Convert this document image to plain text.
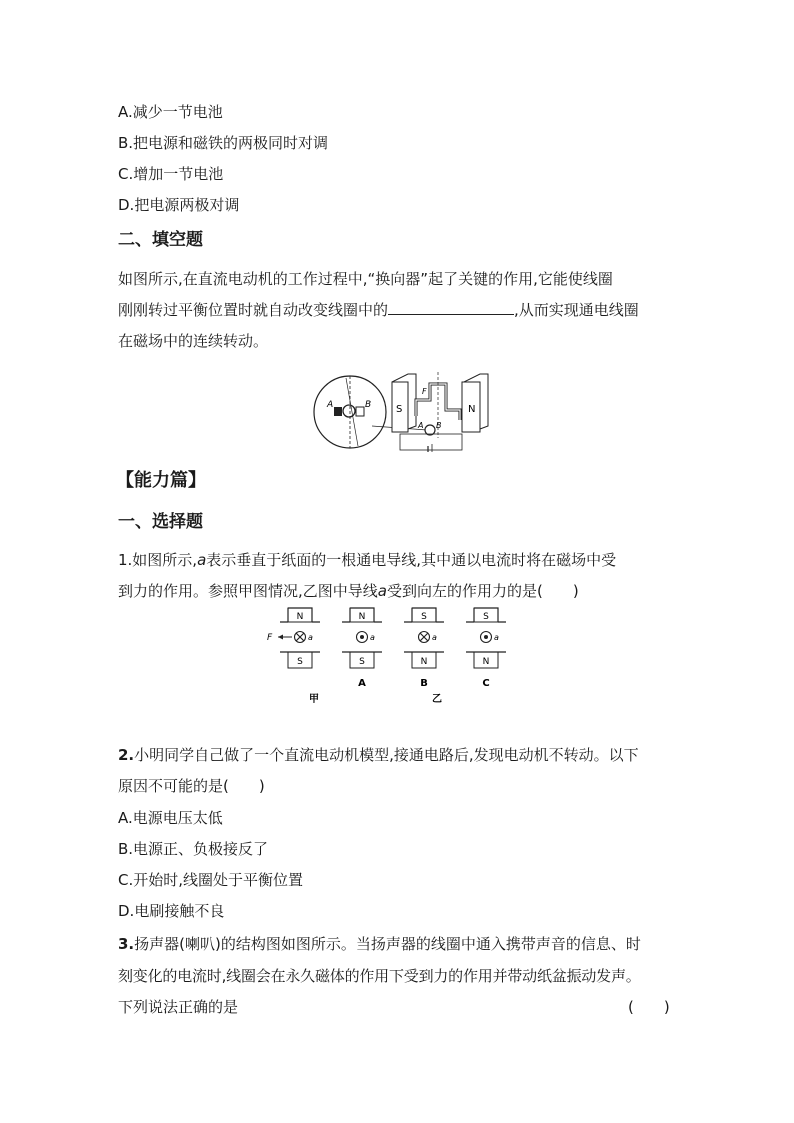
A.减少一节电池
B.把电源和磁铁的两极同时对调
C.增加一节电池
D.把电源两极对调
二、填空题
如图所示,在直流电动机的工作过程中,“换向器”起了关键的作用,它能使线圈
刚刚转过平衡位置时就自动改变线圈中的	,从而实现通电线圈
在磁场中的连续转动。
A	B S	N
F
A B
【能力篇】
一、选择题
1.如图所示,a表示垂直于纸面的一根通电导线,其中通以电流时将在磁场中受
到力的作用。参照甲图情况,乙图中导线a受到向左的作用力的是(　　)
N
S
a
F
N
S
a
A
S
N
a
B
S
N
a
C
甲	乙
2.小明同学自己做了一个直流电动机模型,接通电路后,发现电动机不转动。以下
原因不可能的是(　　)
A.电源电压太低
B.电源正、负极接反了
C.开始时,线圈处于平衡位置
D.电刷接触不良
3.扬声器(喇叭)的结构图如图所示。当扬声器的线圈中通入携带声音的信息、时
刻变化的电流时,线圈会在永久磁体的作用下受到力的作用并带动纸盆振动发声。
下列说法正确的是	(　　)
